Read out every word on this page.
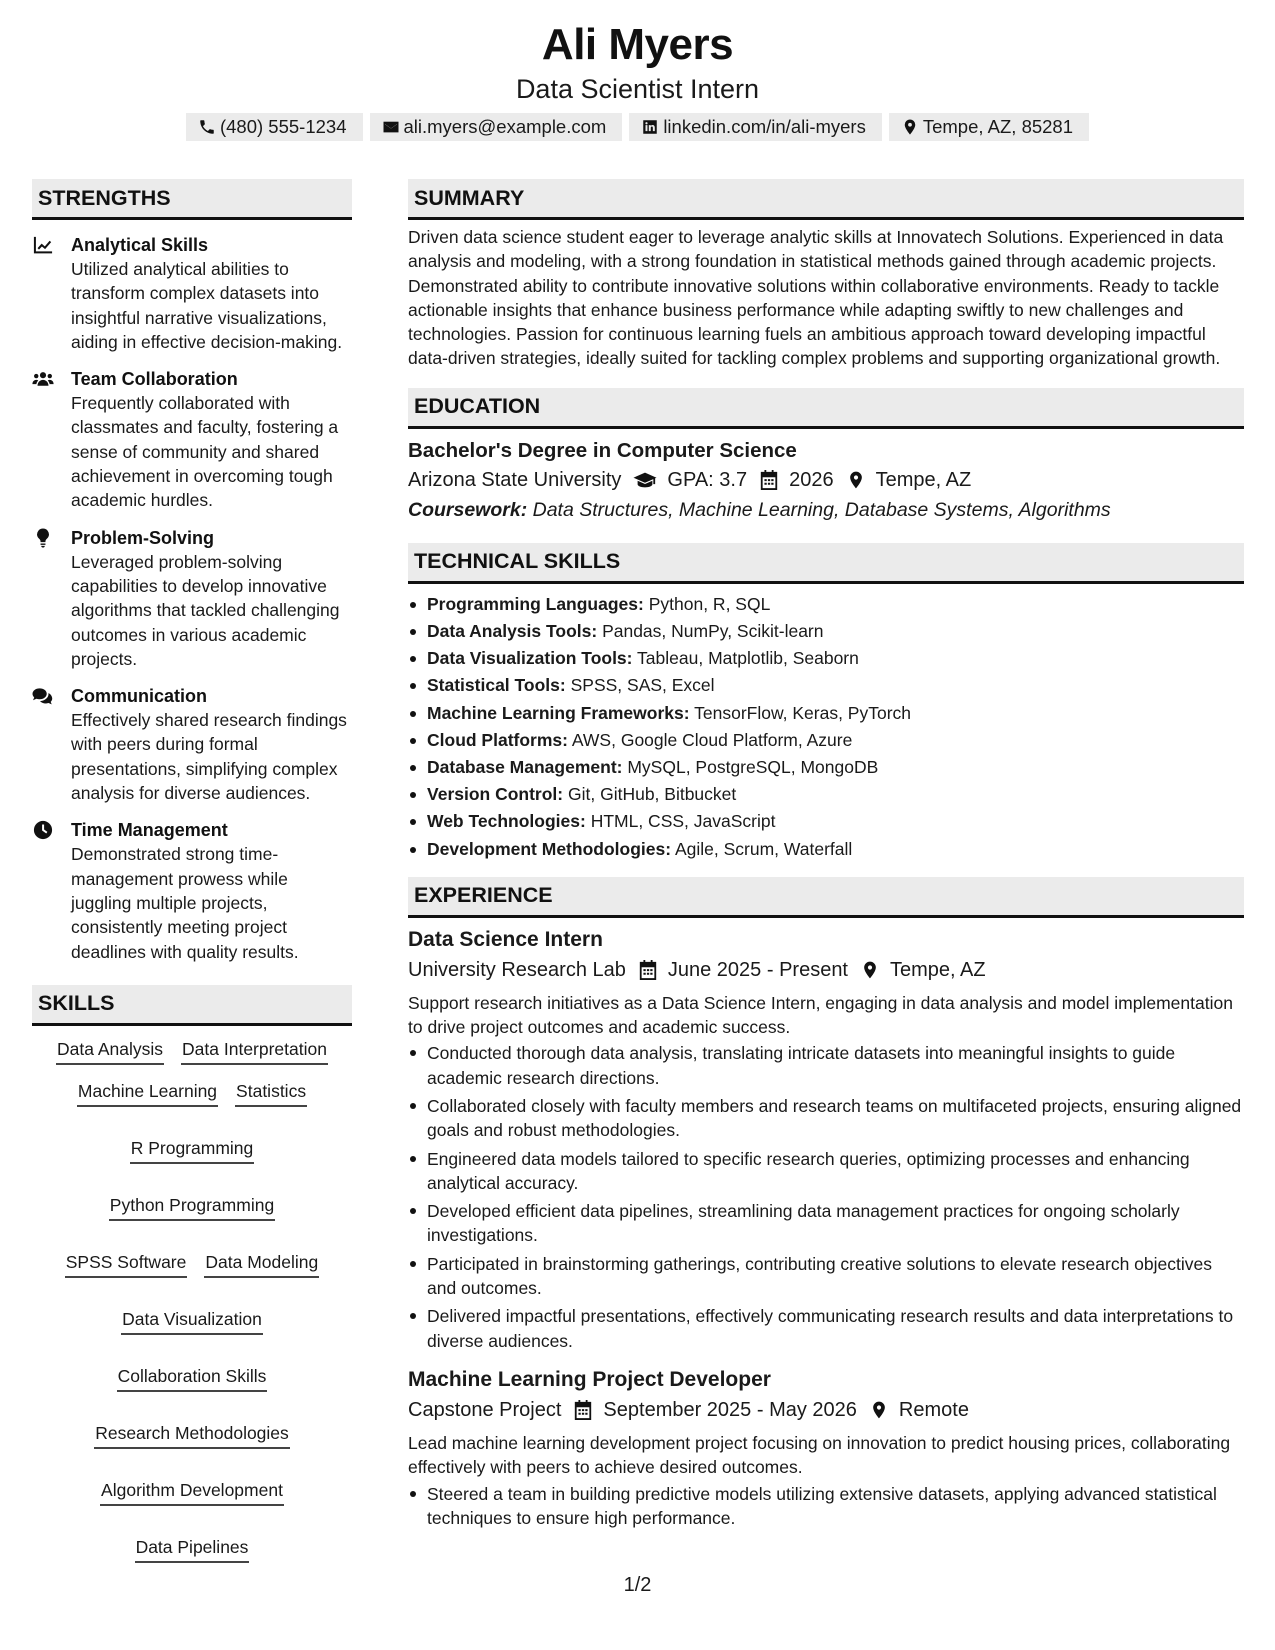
Ali Myers
Data Scientist Intern
(480) 555-1234	ali.myers@example.com	linkedin.com/in/ali-myers	Tempe, AZ, 85281
STRENGTHS
Analytical Skills
Utilized analytical abilities to transform complex datasets into insightful narrative visualizations, aiding in effective decision-making.
Team Collaboration
Frequently collaborated with classmates and faculty, fostering a sense of community and shared achievement in overcoming tough academic hurdles.
Problem-Solving
Leveraged problem-solving capabilities to develop innovative algorithms that tackled challenging outcomes in various academic projects.
Communication
Effectively shared research findings with peers during formal presentations, simplifying complex analysis for diverse audiences.
Time Management
Demonstrated strong time-management prowess while juggling multiple projects, consistently meeting project deadlines with quality results.
SKILLS
Data Analysis Data Interpretation
Machine Learning Statistics
R Programming
Python Programming
SPSS Software Data Modeling
Data Visualization
Collaboration Skills
Research Methodologies
Algorithm Development
Data Pipelines
SUMMARY
Driven data science student eager to leverage analytic skills at Innovatech Solutions. Experienced in data analysis and modeling, with a strong foundation in statistical methods gained through academic projects. Demonstrated ability to contribute innovative solutions within collaborative environments. Ready to tackle actionable insights that enhance business performance while adapting swiftly to new challenges and technologies. Passion for continuous learning fuels an ambitious approach toward developing impactful data-driven strategies, ideally suited for tackling complex problems and supporting organizational growth.
EDUCATION
Bachelor's Degree in Computer Science
Arizona State University GPA: 3.7 2026 Tempe, AZ
Coursework: Data Structures, Machine Learning, Database Systems, Algorithms
TECHNICAL SKILLS
Programming Languages: Python, R, SQL
Data Analysis Tools: Pandas, NumPy, Scikit-learn
Data Visualization Tools: Tableau, Matplotlib, Seaborn
Statistical Tools: SPSS, SAS, Excel
Machine Learning Frameworks: TensorFlow, Keras, PyTorch
Cloud Platforms: AWS, Google Cloud Platform, Azure
Database Management: MySQL, PostgreSQL, MongoDB
Version Control: Git, GitHub, Bitbucket
Web Technologies: HTML, CSS, JavaScript
Development Methodologies: Agile, Scrum, Waterfall
EXPERIENCE
Data Science Intern
University Research Lab June 2025 - Present Tempe, AZ
Support research initiatives as a Data Science Intern, engaging in data analysis and model implementation to drive project outcomes and academic success.
Conducted thorough data analysis, translating intricate datasets into meaningful insights to guide academic research directions.
Collaborated closely with faculty members and research teams on multifaceted projects, ensuring aligned goals and robust methodologies.
Engineered data models tailored to specific research queries, optimizing processes and enhancing analytical accuracy.
Developed efficient data pipelines, streamlining data management practices for ongoing scholarly investigations.
Participated in brainstorming gatherings, contributing creative solutions to elevate research objectives and outcomes.
Delivered impactful presentations, effectively communicating research results and data interpretations to diverse audiences.
Machine Learning Project Developer
Capstone Project September 2025 - May 2026 Remote
Lead machine learning development project focusing on innovation to predict housing prices, collaborating effectively with peers to achieve desired outcomes.
Steered a team in building predictive models utilizing extensive datasets, applying advanced statistical techniques to ensure high performance.
1/2
